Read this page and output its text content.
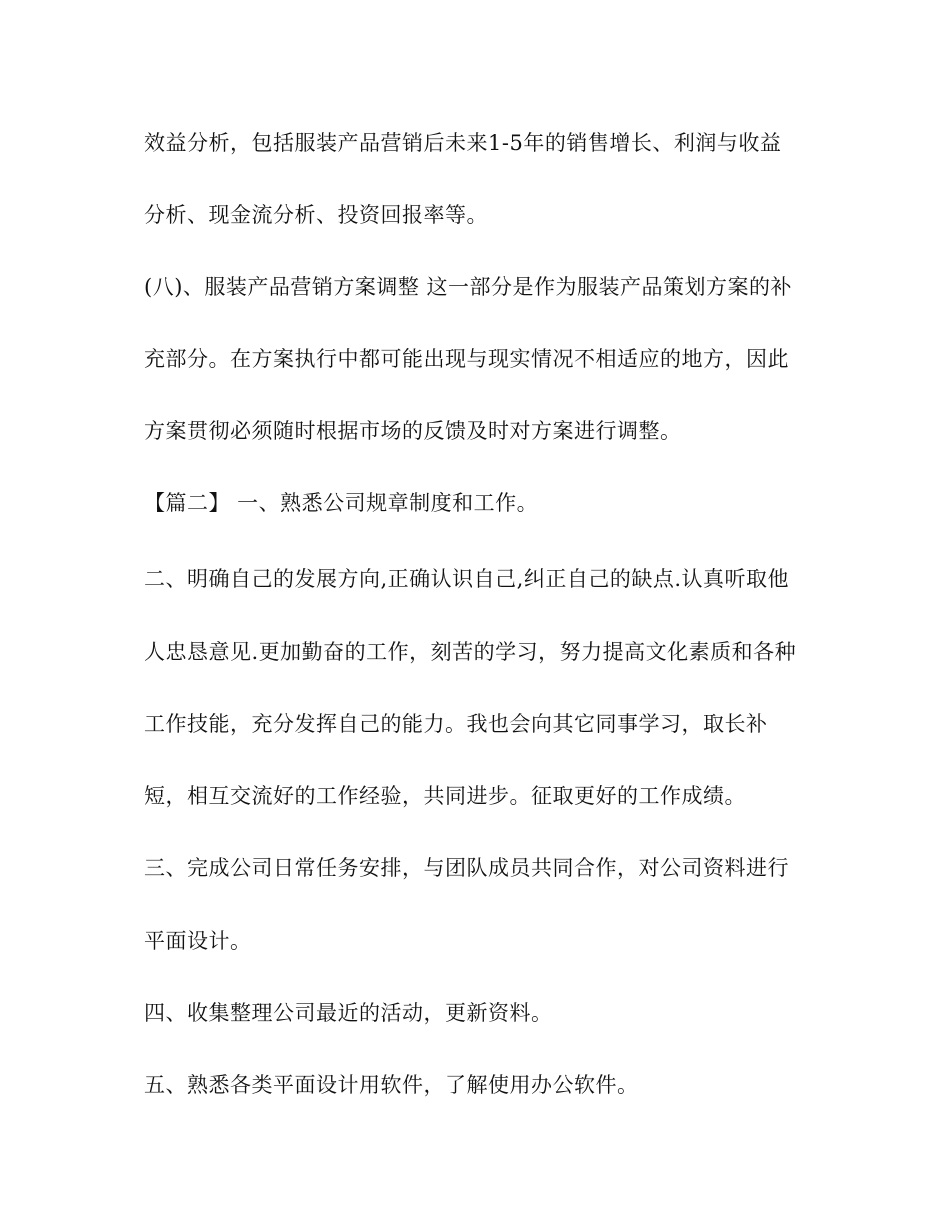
效益分析，包括服装产品营销后未来1-5年的销售增长、利润与收益
分析、现金流分析、投资回报率等。
(八)、服装产品营销方案调整 这一部分是作为服装产品策划方案的补
充部分。在方案执行中都可能出现与现实情况不相适应的地方，因此
方案贯彻必须随时根据市场的反馈及时对方案进行调整。
【篇二】 一、熟悉公司规章制度和工作。
二、明确自己的发展方向,正确认识自己,纠正自己的缺点.认真听取他
人忠恳意见.更加勤奋的工作，刻苦的学习，努力提高文化素质和各种
工作技能，充分发挥自己的能力。我也会向其它同事学习，取长补
短，相互交流好的工作经验，共同进步。征取更好的工作成绩。
三、完成公司日常任务安排，与团队成员共同合作，对公司资料进行
平面设计。
四、收集整理公司最近的活动，更新资料。
五、熟悉各类平面设计用软件，了解使用办公软件。
